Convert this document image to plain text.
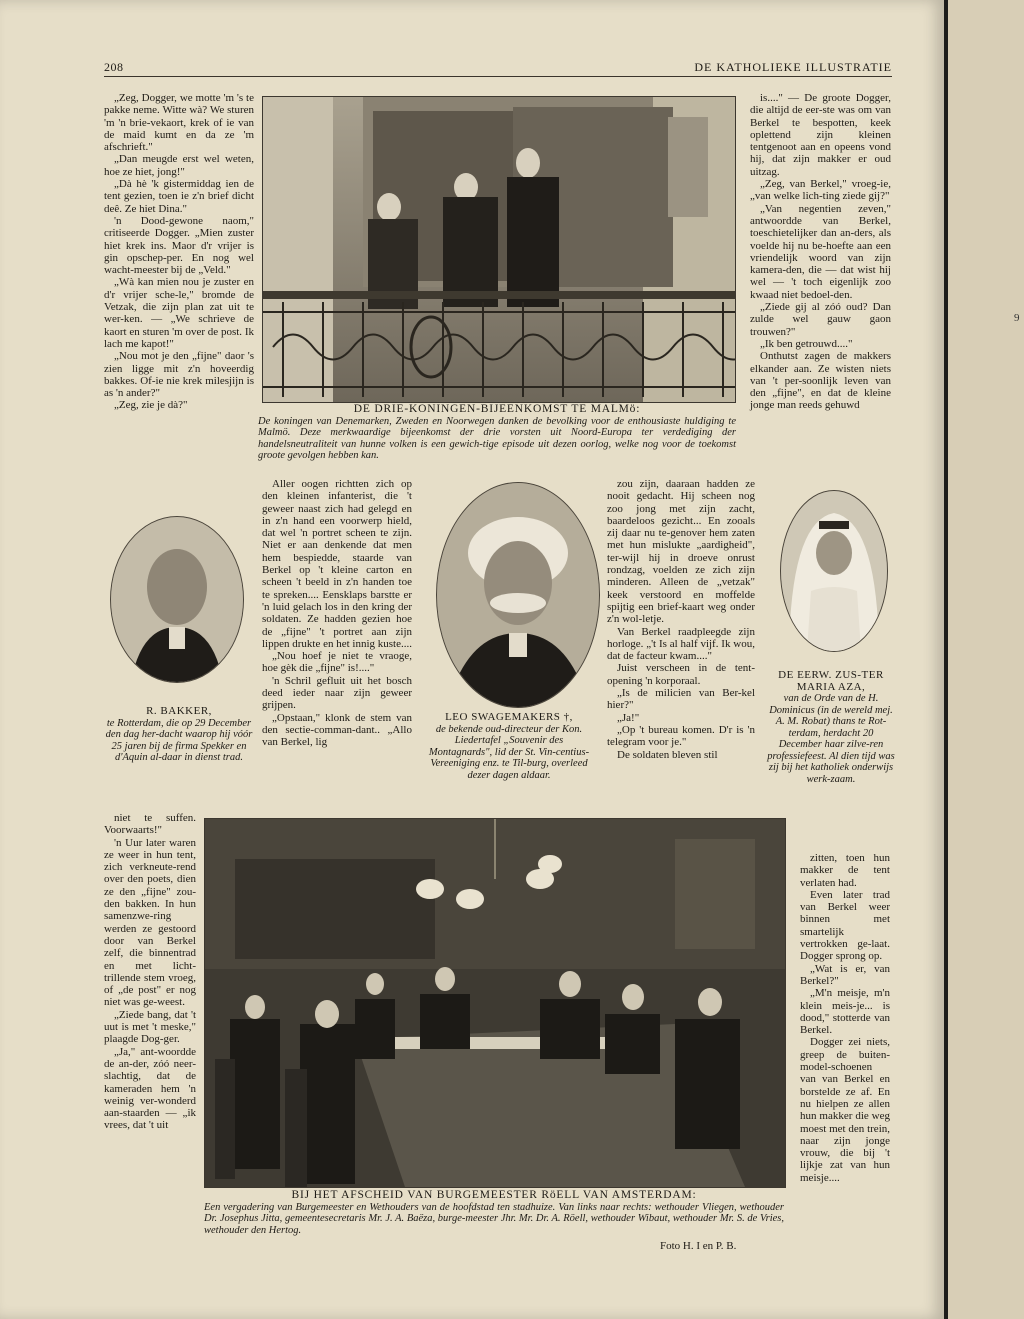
208	DE KATHOLIEKE ILLUSTRATIE

„Zeg, Dogger, we motte 'm 's te pakke neme. Witte wà? We sturen 'm 'n brie-vekaort, krek of ie van de maid kumt en da ze 'm afschrieft."

„Dan meugde erst wel weten, hoe ze hiet, jong!"

„Dà hè 'k gistermiddag ien de tent gezien, toen ie z'n brief dicht deê. Ze hiet Dina."

'n Dood-gewone naom," critiseerde Dogger. „Mien zuster hiet krek ins. Maor d'r vrijer is gin opschep-per. En nog wel wacht-meester bij de „Veld."

„Wà kan mien nou je zuster en d'r vrijer sche-le," bromde de Vetzak, die zijn plan zat uit te wer-ken. — „We schrieve de kaort en sturen 'm over de post. Ik lach me kapot!"

„Nou mot je den „fijne" daor 's zien ligge mit z'n hoveerdig bakkes. Of-ie nie krek milesjijn is as 'n ander?"

„Zeg, zie je dà?"	DE DRIE-KONINGEN-BIJEENKOMST TE MALMö:
De koningen van Denemarken, Zweden en Noorwegen danken de bevolking voor de enthousiaste huldiging te Malmö. Deze merkwaardige bijeenkomst der drie vorsten uit Noord-Europa ter verdediging der handelsneutraliteit van hunne volken is een gewich-tige episode uit dezen oorlog, welke nog voor de toekomst groote gevolgen hebben kan.

is...." — De groote Dogger, die altijd de eer-ste was om van Berkel te bespotten, keek oplettend zijn kleinen tentgenoot aan en opeens vond hij, dat zijn makker er oud uitzag.

„Zeg, van Berkel," vroeg-ie, „van welke lich-ting ziede gij?"

„Van negentien zeven," antwoordde van Berkel, toeschietelijker dan an-ders, als voelde hij nu be-hoefte aan een vriendelijk woord van zijn kamera-den, die — dat wist hij wel — 't toch eigenlijk zoo kwaad niet bedoel-den.

„Ziede gij al zóó oud? Dan zulde wel gauw gaon trouwen?"

„Ik ben getrouwd...."

Onthutst zagen de makkers elkander aan. Ze wisten niets van 't per-soonlijk leven van den „fijne", en dat de kleine jonge man reeds gehuwd

R. BAKKER,
te Rotterdam, die op 29 December den dag her-dacht waarop hij vóór 25 jaren bij de firma Spekker en d'Aquin al-daar in dienst trad.

Aller oogen richtten zich op den kleinen infanterist, die 't geweer naast zich had gelegd en in z'n hand een voorwerp hield, dat wel 'n portret scheen te zijn. Niet er aan denkende dat men hem bespiedde, staarde van Berkel op 't kleine carton en scheen 't beeld in z'n handen toe te spreken.... Eensklaps barstte er 'n luid gelach los in den kring der soldaten. Ze hadden gezien hoe de „fijne" 't portret aan zijn lippen drukte en het innig kuste....

„Nou hoef je niet te vraoge, hoe gèk die „fijne" is!...."

'n Schril gefluit uit het bosch deed ieder naar zijn geweer grijpen.

„Opstaan," klonk de stem van den sectie-comman-dant.. „Allo van Berkel, lig

LEO SWAGEMAKERS †,
de bekende oud-directeur der Kon. Liedertafel „Souvenir des Montagnards", lid der St. Vin-centius-Vereeniging enz. te Til-burg, overleed dezer dagen aldaar.

zou zijn, daaraan hadden ze nooit gedacht. Hij scheen nog zoo jong met zijn zacht, baardeloos gezicht... En zooals zij daar nu te-genover hem zaten met hun mislukte „aardigheid", ter-wijl hij in droeve onrust rondzag, voelden ze zich zijn minderen. Alleen de „vetzak" keek verstoord en moffelde spijtig een brief-kaart weg onder z'n wol-letje.

Van Berkel raadpleegde zijn horloge. „'t Is al half vijf. Ik wou, dat de facteur kwam...."

Juist verscheen in de tent-opening 'n korporaal.

„Is de milicien van Ber-kel hier?"

„Ja!"

„Op 't bureau komen. D'r is 'n telegram voor je."

De soldaten bleven stil

DE EERW. ZUS-TER MARIA AZA,
van de Orde van de H. Dominicus (in de wereld mej. A. M. Robat) thans te Rot-terdam, herdacht 20 December haar zilve-ren professiefeest. Al dien tijd was zij bij het katholiek onderwijs werk-zaam.

niet te suffen. Voorwaarts!"

'n Uur later waren ze weer in hun tent, zich verkneute-rend over den poets, dien ze den „fijne" zou-den bakken. In hun samenzwe-ring werden ze gestoord door van Berkel zelf, die binnentrad en met licht-trillende stem vroeg, of „de post" er nog niet was ge-weest.

„Ziede bang, dat 't uut is met 't meske," plaagde Dog-ger.

„Ja," ant-woordde de an-der, zóó neer-slachtig, dat de kameraden hem 'n weinig ver-wonderd aan-staarden — „ik vrees, dat 't uit

BIJ HET AFSCHEID VAN BURGEMEESTER RöELL VAN AMSTERDAM:
Een vergadering van Burgemeester en Wethouders van de hoofdstad ten stadhuize. Van links naar rechts: wethouder Vliegen, wethouder Dr. Josephus Jitta, gemeentesecretaris Mr. J. A. Baëza, burge-meester Jhr. Mr. Dr. A. Röell, wethouder Wibaut, wethouder Mr. S. de Vries, wethouder den Hertog.
Foto H. I en P. B.

zitten, toen hun makker de tent verlaten had.

Even later trad van Berkel weer binnen met smartelijk vertrokken ge-laat. Dogger sprong op.

„Wat is er, van Berkel?"

„M'n meisje, m'n klein meis-je... is dood," stotterde van Berkel.

Dogger zei niets, greep de buiten-model-schoenen van van Berkel en borstelde ze af. En nu hielpen ze allen hun makker die weg moest met den trein, naar zijn jonge vrouw, die bij 't lijkje zat van hun meisje....

9
